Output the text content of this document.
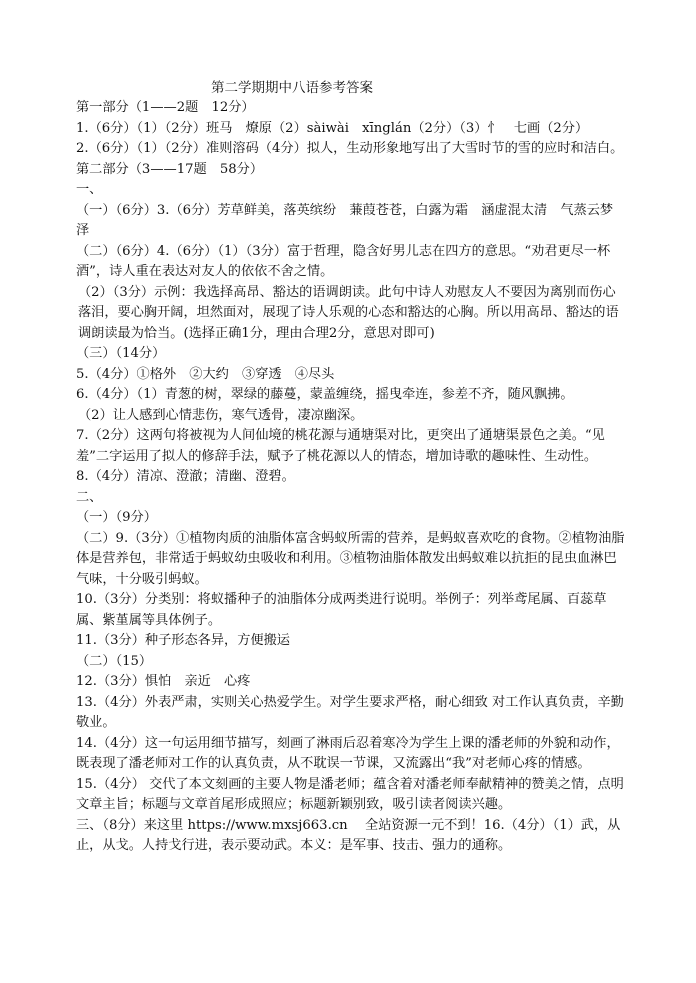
第二学期期中八语参考答案

第一部分（1——2题　12分）

1.（6分）（1）（2分）班马　燎原（2）sàiwài　xīnglán（2分）（3）忄　七画（2分）

2.（6分）（1）（2分）准则溶码（4分）拟人，生动形象地写出了大雪时节的雪的应时和洁白。

第二部分（3——17题　58分）

一、

（一）（6分）3.（6分）芳草鲜美，落英缤纷　蒹葭苍苍，白露为霜　涵虚混太清　气蒸云梦泽

（二）（6分）4.（6分）（1）（3分）富于哲理，隐含好男儿志在四方的意思。“劝君更尽一杯酒”，诗人重在表达对友人的依依不舍之情。

（2）（3分）示例：我选择高昂、豁达的语调朗读。此句中诗人劝慰友人不要因为离别而伤心落泪，要心胸开阔，坦然面对，展现了诗人乐观的心态和豁达的心胸。所以用高昂、豁达的语调朗读最为恰当。(选择正确1分，理由合理2分，意思对即可)

（三）（14分）

5.（4分）①格外　②大约　③穿透　④尽头

6.（4分）（1）青葱的树，翠绿的藤蔓，蒙盖缠绕，摇曳牵连，参差不齐，随风飘拂。

（2）让人感到心情悲伤，寒气透骨，凄凉幽深。

7.（2分）这两句将被视为人间仙境的桃花源与通塘渠对比，更突出了通塘渠景色之美。“见羞”二字运用了拟人的修辞手法，赋予了桃花源以人的情态，增加诗歌的趣味性、生动性。

8.（4分）清凉、澄澈；清幽、澄碧。

二、

（一）（9分）

（二）9.（3分）①植物肉质的油脂体富含蚂蚁所需的营养，是蚂蚁喜欢吃的食物。②植物油脂体是营养包，非常适于蚂蚁幼虫吸收和利用。③植物油脂体散发出蚂蚁难以抗拒的昆虫血淋巴气味，十分吸引蚂蚁。

10.（3分）分类别：将蚁播种子的油脂体分成两类进行说明。举例子：列举鸢尾属、百蕊草属、紫堇属等具体例子。

11.（3分）种子形态各异，方便搬运

（二）（15）

12.（3分）惧怕　亲近　心疼

13.（4分）外表严肃，实则关心热爱学生。对学生要求严格，耐心细致 对工作认真负责，辛勤敬业。

14.（4分）这一句运用细节描写，刻画了淋雨后忍着寒冷为学生上课的潘老师的外貌和动作，既表现了潘老师对工作的认真负责，从不耽误一节课，又流露出“我”对老师心疼的情感。

15.（4分） 交代了本文刻画的主要人物是潘老师；蕴含着对潘老师奉献精神的赞美之情，点明文章主旨；标题与文章首尾形成照应；标题新颖别致，吸引读者阅读兴趣。

三、（8分）来这里 https://www.mxsj663.cn　 全站资源一元不到！16.（4分）（1）武，从止，从戈。人持戈行进，表示要动武。本义：是军事、技击、强力的通称。
